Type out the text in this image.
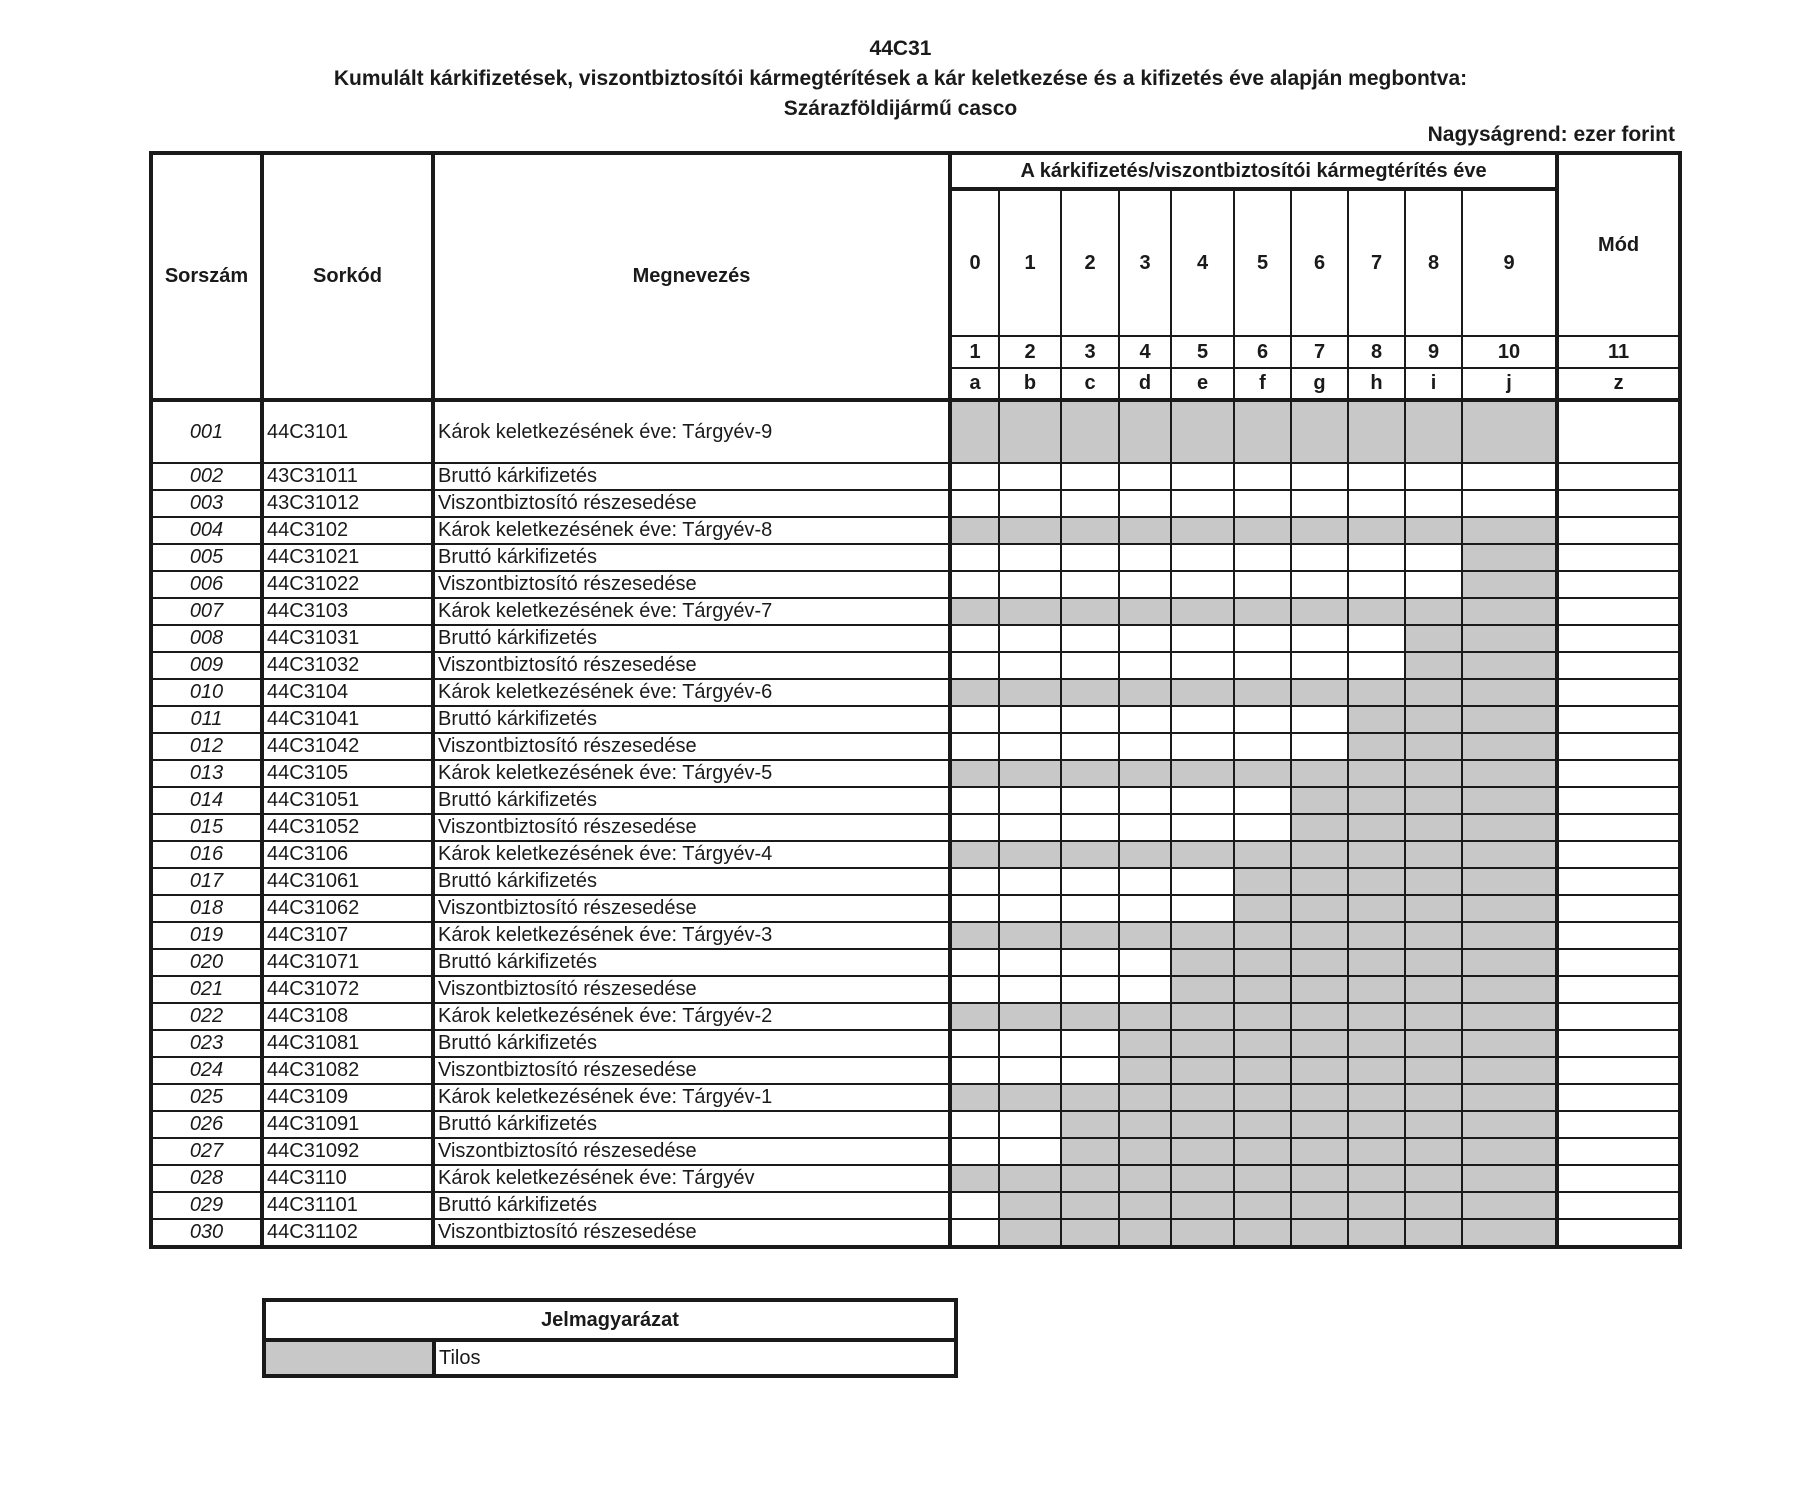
44C31
Kumulált kárkifizetések, viszontbiztosítói kármegtérítések a kár keletkezése és a kifizetés éve alapján megbontva:
Szárazföldijármű casco
Nagyságrend: ezer forint
Sorszám	Sorkód	Megnevezés	A kárkifizetés/viszontbiztosítói kármegtérítés éve										Mód
			0	1	2	3	4	5	6	7	8	9	
			1	2	3	4	5	6	7	8	9	10	11
			a	b	c	d	e	f	g	h	i	j	z
001	44C3101	Károk keletkezésének éve: Tárgyév-9											
002	43C31011	Bruttó kárkifizetés											
003	43C31012	Viszontbiztosító részesedése											
004	44C3102	Károk keletkezésének éve: Tárgyév-8											
005	44C31021	Bruttó kárkifizetés											
006	44C31022	Viszontbiztosító részesedése											
007	44C3103	Károk keletkezésének éve: Tárgyév-7											
008	44C31031	Bruttó kárkifizetés											
009	44C31032	Viszontbiztosító részesedése											
010	44C3104	Károk keletkezésének éve: Tárgyév-6											
011	44C31041	Bruttó kárkifizetés											
012	44C31042	Viszontbiztosító részesedése											
013	44C3105	Károk keletkezésének éve: Tárgyév-5											
014	44C31051	Bruttó kárkifizetés											
015	44C31052	Viszontbiztosító részesedése											
016	44C3106	Károk keletkezésének éve: Tárgyév-4											
017	44C31061	Bruttó kárkifizetés											
018	44C31062	Viszontbiztosító részesedése											
019	44C3107	Károk keletkezésének éve: Tárgyév-3											
020	44C31071	Bruttó kárkifizetés											
021	44C31072	Viszontbiztosító részesedése											
022	44C3108	Károk keletkezésének éve: Tárgyév-2											
023	44C31081	Bruttó kárkifizetés											
024	44C31082	Viszontbiztosító részesedése											
025	44C3109	Károk keletkezésének éve: Tárgyév-1											
026	44C31091	Bruttó kárkifizetés											
027	44C31092	Viszontbiztosító részesedése											
028	44C3110	Károk keletkezésének éve: Tárgyév											
029	44C31101	Bruttó kárkifizetés											
030	44C31102	Viszontbiztosító részesedése											
Jelmagyarázat
	Tilos
